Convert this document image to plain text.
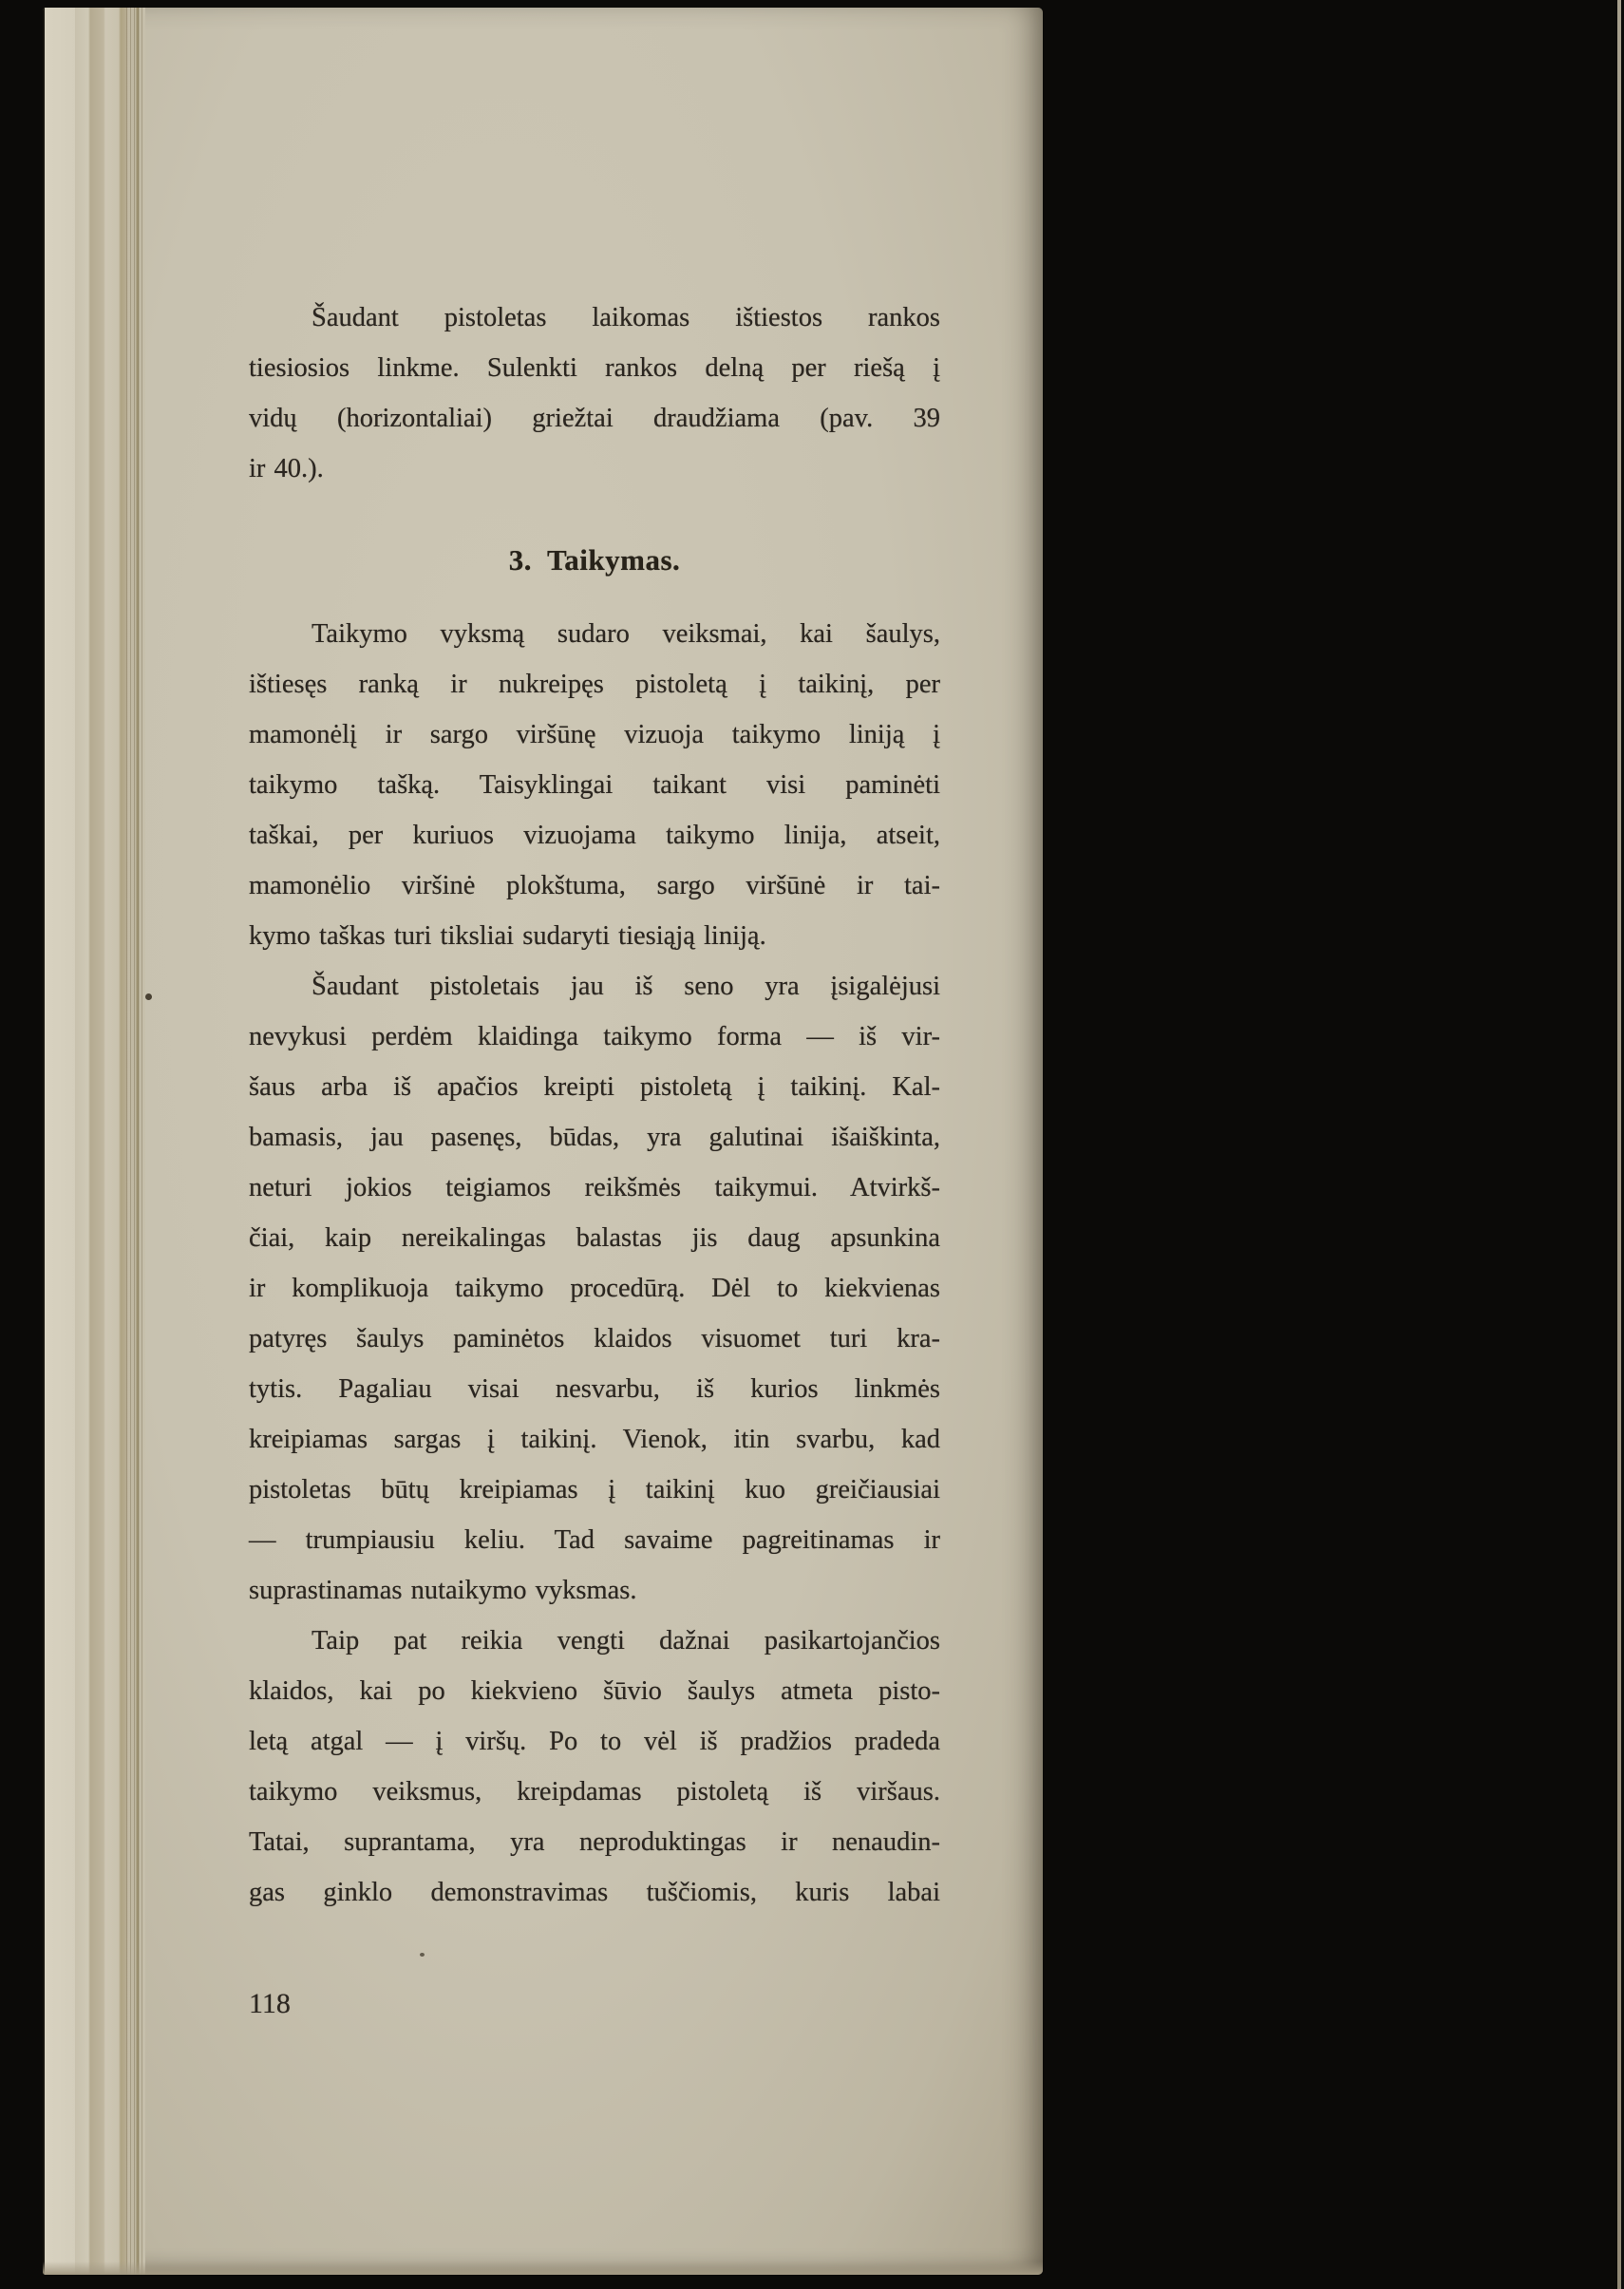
Šaudant pistoletas laikomas ištiestos rankos
tiesiosios linkme. Sulenkti rankos delną per riešą į
vidų (horizontaliai) griežtai draudžiama (pav. 39
ir 40.).
3. Taikymas.
Taikymo vyksmą sudaro veiksmai, kai šaulys,
ištiesęs ranką ir nukreipęs pistoletą į taikinį, per
mamonėlį ir sargo viršūnę vizuoja taikymo liniją į
taikymo tašką. Taisyklingai taikant visi paminėti
taškai, per kuriuos vizuojama taikymo linija, atseit,
mamonėlio viršinė plokštuma, sargo viršūnė ir tai-
kymo taškas turi tiksliai sudaryti tiesiąją liniją.
Šaudant pistoletais jau iš seno yra įsigalėjusi
nevykusi perdėm klaidinga taikymo forma — iš vir-
šaus arba iš apačios kreipti pistoletą į taikinį. Kal-
bamasis, jau pasenęs, būdas, yra galutinai išaiškinta,
neturi jokios teigiamos reikšmės taikymui. Atvirkš-
čiai, kaip nereikalingas balastas jis daug apsunkina
ir komplikuoja taikymo procedūrą. Dėl to kiekvienas
patyręs šaulys paminėtos klaidos visuomet turi kra-
tytis. Pagaliau visai nesvarbu, iš kurios linkmės
kreipiamas sargas į taikinį. Vienok, itin svarbu, kad
pistoletas būtų kreipiamas į taikinį kuo greičiausiai
— trumpiausiu keliu. Tad savaime pagreitinamas ir
suprastinamas nutaikymo vyksmas.
Taip pat reikia vengti dažnai pasikartojančios
klaidos, kai po kiekvieno šūvio šaulys atmeta pisto-
letą atgal — į viršų. Po to vėl iš pradžios pradeda
taikymo veiksmus, kreipdamas pistoletą iš viršaus.
Tatai, suprantama, yra neproduktingas ir nenaudin-
gas ginklo demonstravimas tuščiomis, kuris labai
118
